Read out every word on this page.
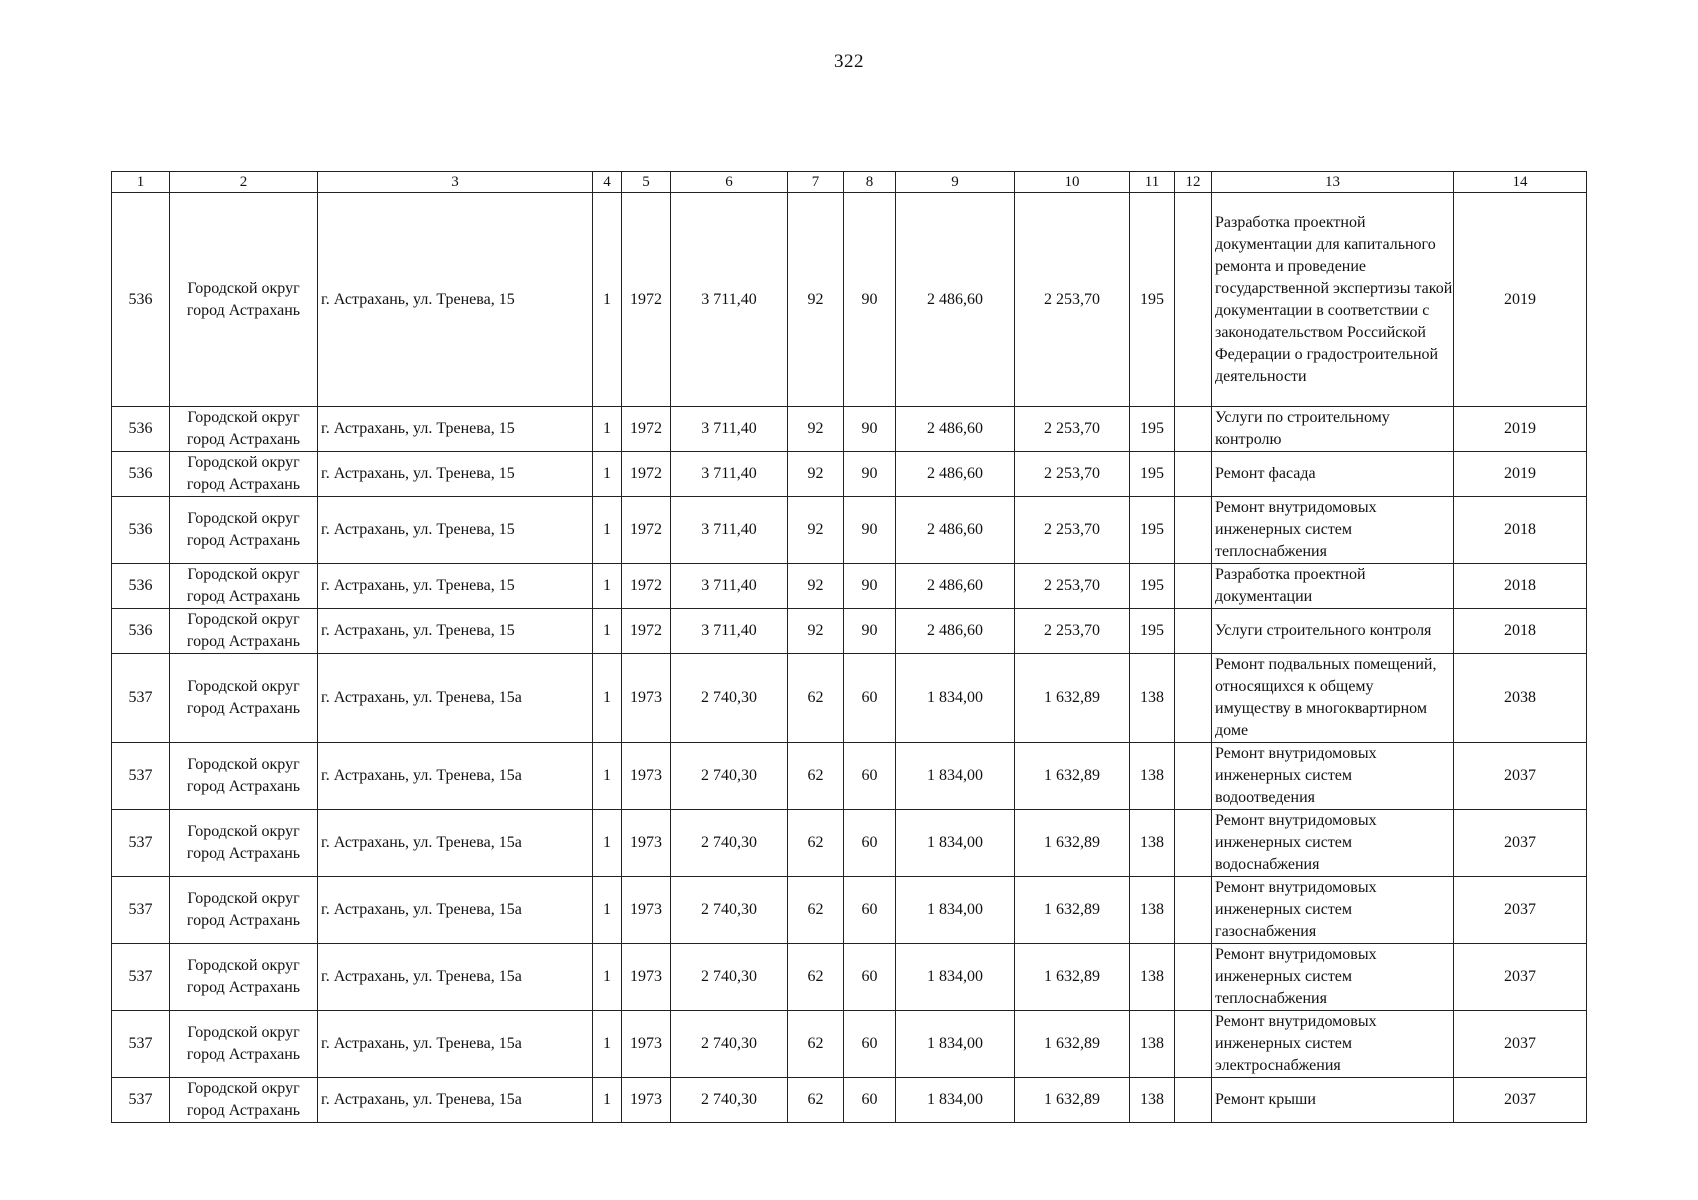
322
1	2	3	4	5	6	7	8	9	10	11	12	13	14
536	Городской округ город Астрахань	г. Астрахань, ул. Тренева, 15	1	1972	3 711,40	92	90	2 486,60	2 253,70	195		Разработка проектной документации для капитального ремонта и проведение государственной экспертизы такой документации в соответствии с законодательством Российской Федерации о градостроительной деятельности	2019
536	Городской округ город Астрахань	г. Астрахань, ул. Тренева, 15	1	1972	3 711,40	92	90	2 486,60	2 253,70	195		Услуги по строительному контролю	2019
536	Городской округ город Астрахань	г. Астрахань, ул. Тренева, 15	1	1972	3 711,40	92	90	2 486,60	2 253,70	195		Ремонт фасада	2019
536	Городской округ город Астрахань	г. Астрахань, ул. Тренева, 15	1	1972	3 711,40	92	90	2 486,60	2 253,70	195		Ремонт внутридомовых инженерных систем теплоснабжения	2018
536	Городской округ город Астрахань	г. Астрахань, ул. Тренева, 15	1	1972	3 711,40	92	90	2 486,60	2 253,70	195		Разработка проектной документации	2018
536	Городской округ город Астрахань	г. Астрахань, ул. Тренева, 15	1	1972	3 711,40	92	90	2 486,60	2 253,70	195		Услуги строительного контроля	2018
537	Городской округ город Астрахань	г. Астрахань, ул. Тренева, 15а	1	1973	2 740,30	62	60	1 834,00	1 632,89	138		Ремонт подвальных помещений, относящихся к общему имуществу в многоквартирном доме	2038
537	Городской округ город Астрахань	г. Астрахань, ул. Тренева, 15а	1	1973	2 740,30	62	60	1 834,00	1 632,89	138		Ремонт внутридомовых инженерных систем водоотведения	2037
537	Городской округ город Астрахань	г. Астрахань, ул. Тренева, 15а	1	1973	2 740,30	62	60	1 834,00	1 632,89	138		Ремонт внутридомовых инженерных систем водоснабжения	2037
537	Городской округ город Астрахань	г. Астрахань, ул. Тренева, 15а	1	1973	2 740,30	62	60	1 834,00	1 632,89	138		Ремонт внутридомовых инженерных систем газоснабжения	2037
537	Городской округ город Астрахань	г. Астрахань, ул. Тренева, 15а	1	1973	2 740,30	62	60	1 834,00	1 632,89	138		Ремонт внутридомовых инженерных систем теплоснабжения	2037
537	Городской округ город Астрахань	г. Астрахань, ул. Тренева, 15а	1	1973	2 740,30	62	60	1 834,00	1 632,89	138		Ремонт внутридомовых инженерных систем электроснабжения	2037
537	Городской округ город Астрахань	г. Астрахань, ул. Тренева, 15а	1	1973	2 740,30	62	60	1 834,00	1 632,89	138		Ремонт крыши	2037
